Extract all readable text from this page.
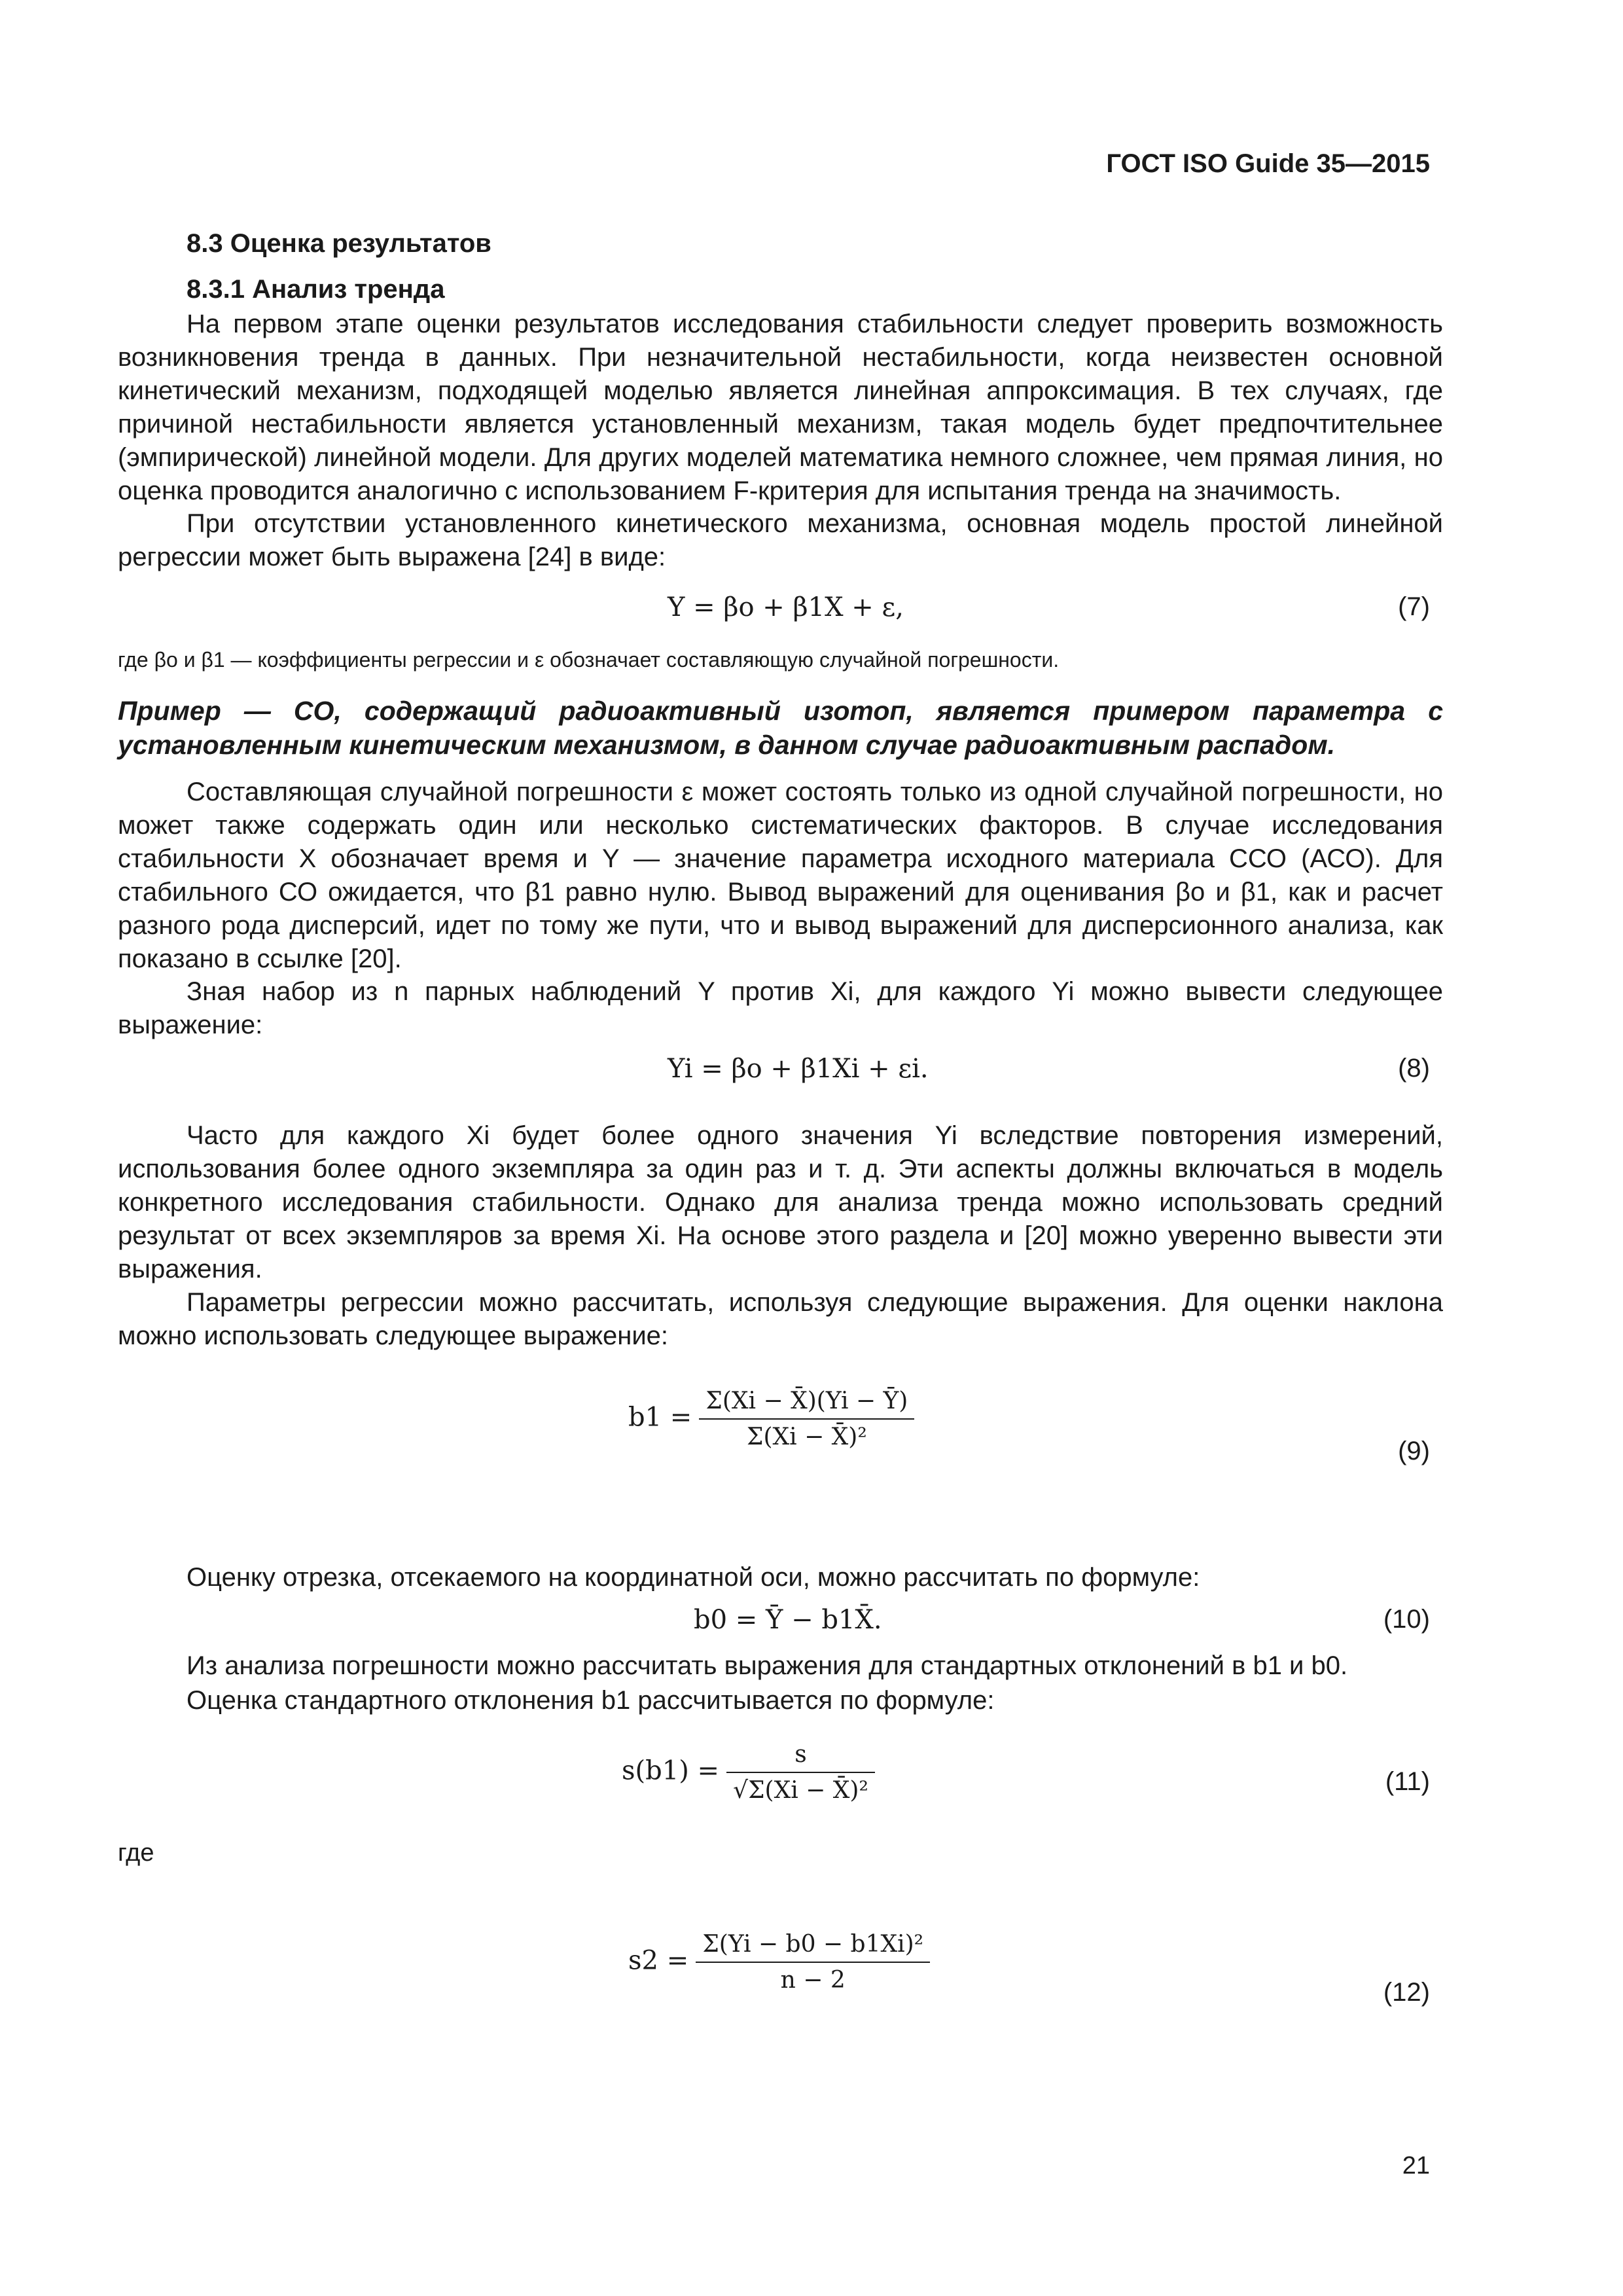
ГОСТ ISO Guide 35—2015
8.3 Оценка результатов
8.3.1 Анализ тренда
На первом этапе оценки результатов исследования стабильности следует проверить возможность возникновения тренда в данных. При незначительной нестабильности, когда неизвестен основной кинетический механизм, подходящей моделью является линейная аппроксимация. В тех случаях, где причиной нестабильности является установленный механизм, такая модель будет предпочтительнее (эмпирической) линейной модели. Для других моделей математика немного сложнее, чем прямая линия, но оценка проводится аналогично с использованием F-критерия для испытания тренда на значимость.
При отсутствии установленного кинетического механизма, основная модель простой линейной регрессии может быть выражена [24] в виде:
Y = βo + β1X + ε,	(7)
где βo и β1 — коэффициенты регрессии и ε обозначает составляющую случайной погрешности.
Пример — СО, содержащий радиоактивный изотоп, является примером параметра с установленным кинетическим механизмом, в данном случае радиоактивным распадом.
Составляющая случайной погрешности ε может состоять только из одной случайной погрешности, но может также содержать один или несколько систематических факторов. В случае исследования стабильности X обозначает время и Y — значение параметра исходного материала ССО (АСО). Для стабильного СО ожидается, что β1 равно нулю. Вывод выражений для оценивания βo и β1, как и расчет разного рода дисперсий, идет по тому же пути, что и вывод выражений для дисперсионного анализа, как показано в ссылке [20].
Зная набор из n парных наблюдений Y против Xi, для каждого Yi можно вывести следующее выражение:
Yi = βo + β1Xi + εi.	(8)
Часто для каждого Xi будет более одного значения Yi вследствие повторения измерений, использования более одного экземпляра за один раз и т. д. Эти аспекты должны включаться в модель конкретного исследования стабильности. Однако для анализа тренда можно использовать средний результат от всех экземпляров за время Xi. На основе этого раздела и [20] можно уверенно вывести эти выражения.
Параметры регрессии можно рассчитать, используя следующие выражения. Для оценки наклона можно использовать следующее выражение:
$b1 = \frac{\Sigma(Xi - X̄)(Yi - Ȳ)}{\text{Σ(Xi − X̄)²}}$
(9)
Оценку отрезка, отсекаемого на координатной оси, можно рассчитать по формуле:
b0 = Ȳ − b1X̄.	(10)
Из анализа погрешности можно рассчитать выражения для стандартных отклонений в b1 и b0.
Оценка стандартного отклонения b1 рассчитывается по формуле:
$s(b1) = \frac{s}{\text{√Σ(Xi − X̄)²}}$	(11)
где
$s2 = \frac{\text{Σ(Yi − b0 − b1Xi)²}}{n - 2}$	(12)
21
